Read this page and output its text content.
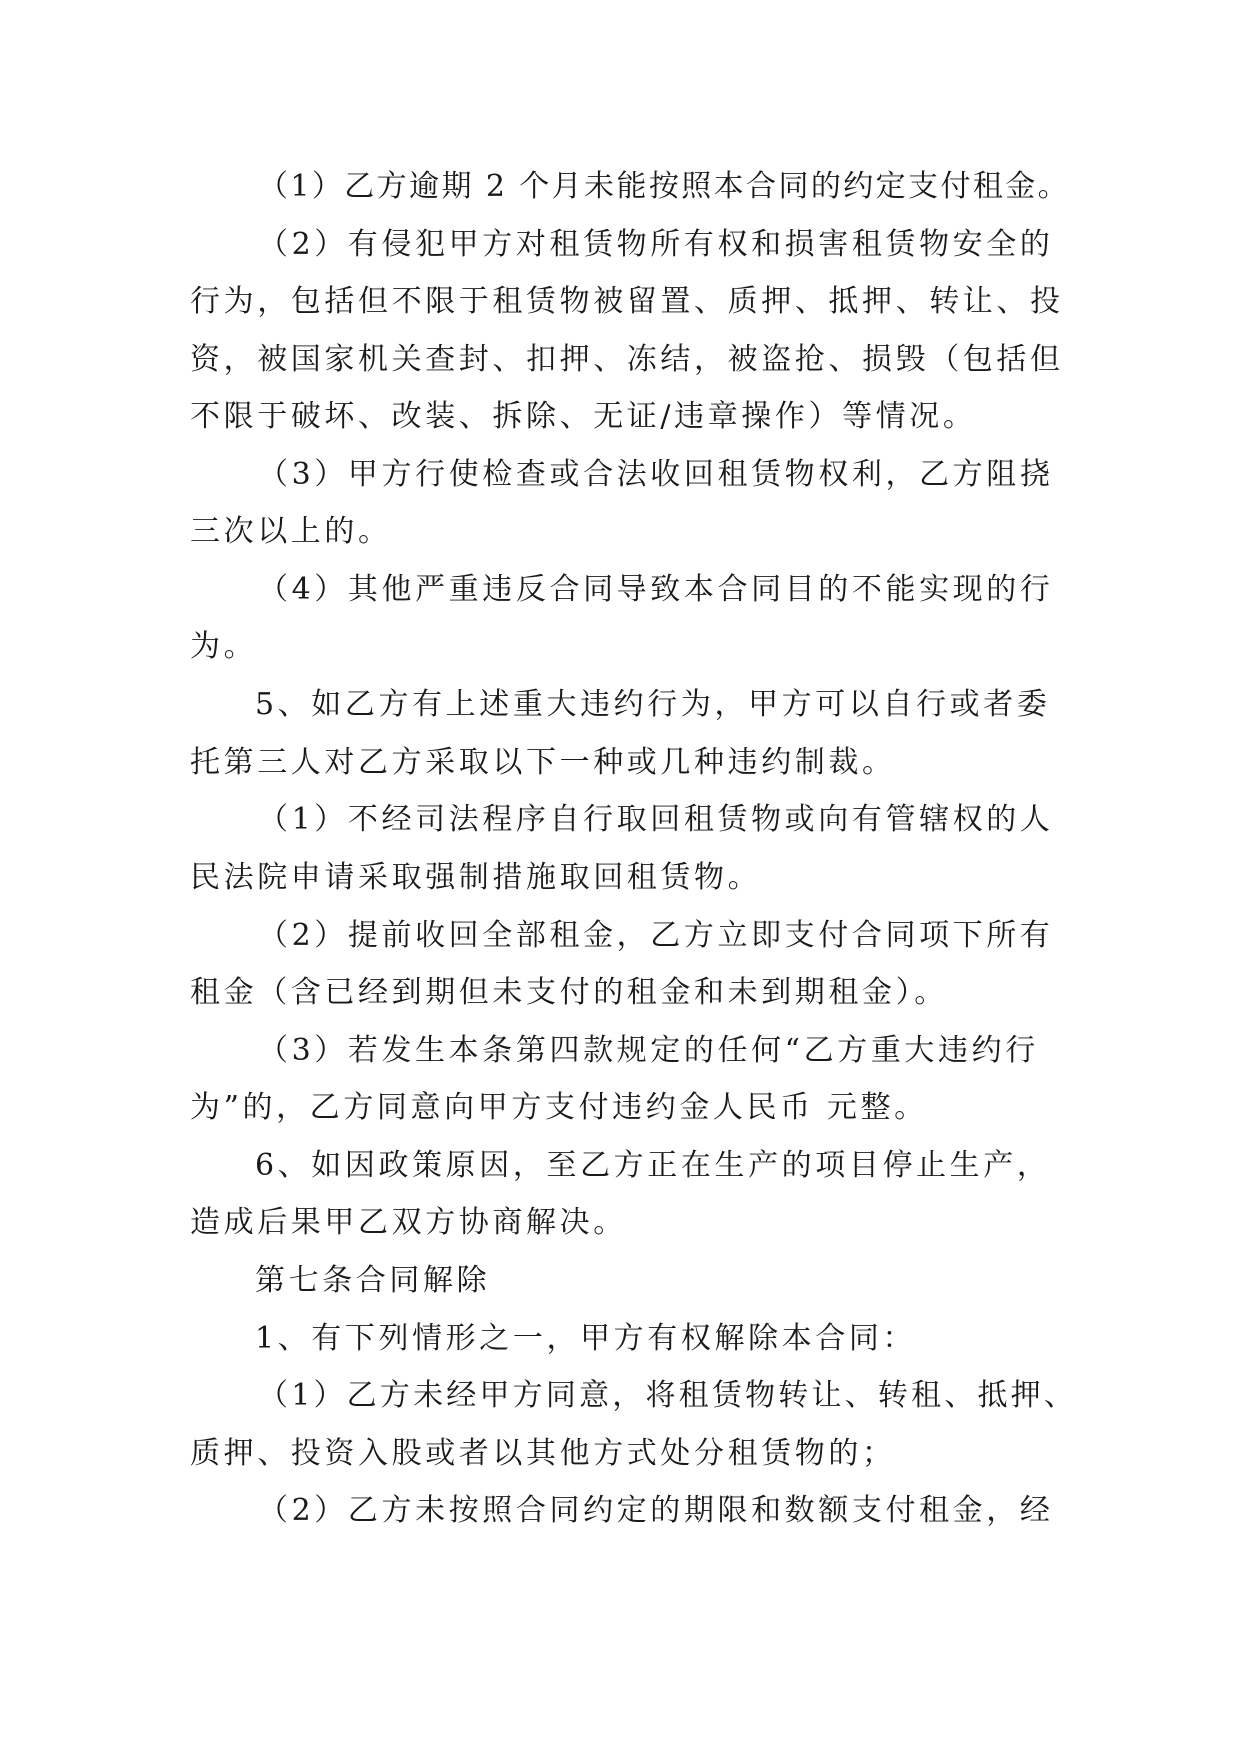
（1）乙方逾期 2 个月未能按照本合同的约定支付租金。

（2）有侵犯甲方对租赁物所有权和损害租赁物安全的

行为，包括但不限于租赁物被留置、质押、抵押、转让、投

资，被国家机关查封、扣押、冻结，被盗抢、损毁（包括但

不限于破坏、改装、拆除、无证/违章操作）等情况。

（3）甲方行使检查或合法收回租赁物权利，乙方阻挠

三次以上的。

（4）其他严重违反合同导致本合同目的不能实现的行

为。

5、如乙方有上述重大违约行为，甲方可以自行或者委

托第三人对乙方采取以下一种或几种违约制裁。

（1）不经司法程序自行取回租赁物或向有管辖权的人

民法院申请采取强制措施取回租赁物。

（2）提前收回全部租金，乙方立即支付合同项下所有

租金（含已经到期但未支付的租金和未到期租金）。

（3）若发生本条第四款规定的任何“乙方重大违约行

为”的，乙方同意向甲方支付违约金人民币 元整。

6、如因政策原因，至乙方正在生产的项目停止生产，

造成后果甲乙双方协商解决。

第七条合同解除

1、有下列情形之一，甲方有权解除本合同：

（1）乙方未经甲方同意，将租赁物转让、转租、抵押、

质押、投资入股或者以其他方式处分租赁物的；

（2）乙方未按照合同约定的期限和数额支付租金，经
